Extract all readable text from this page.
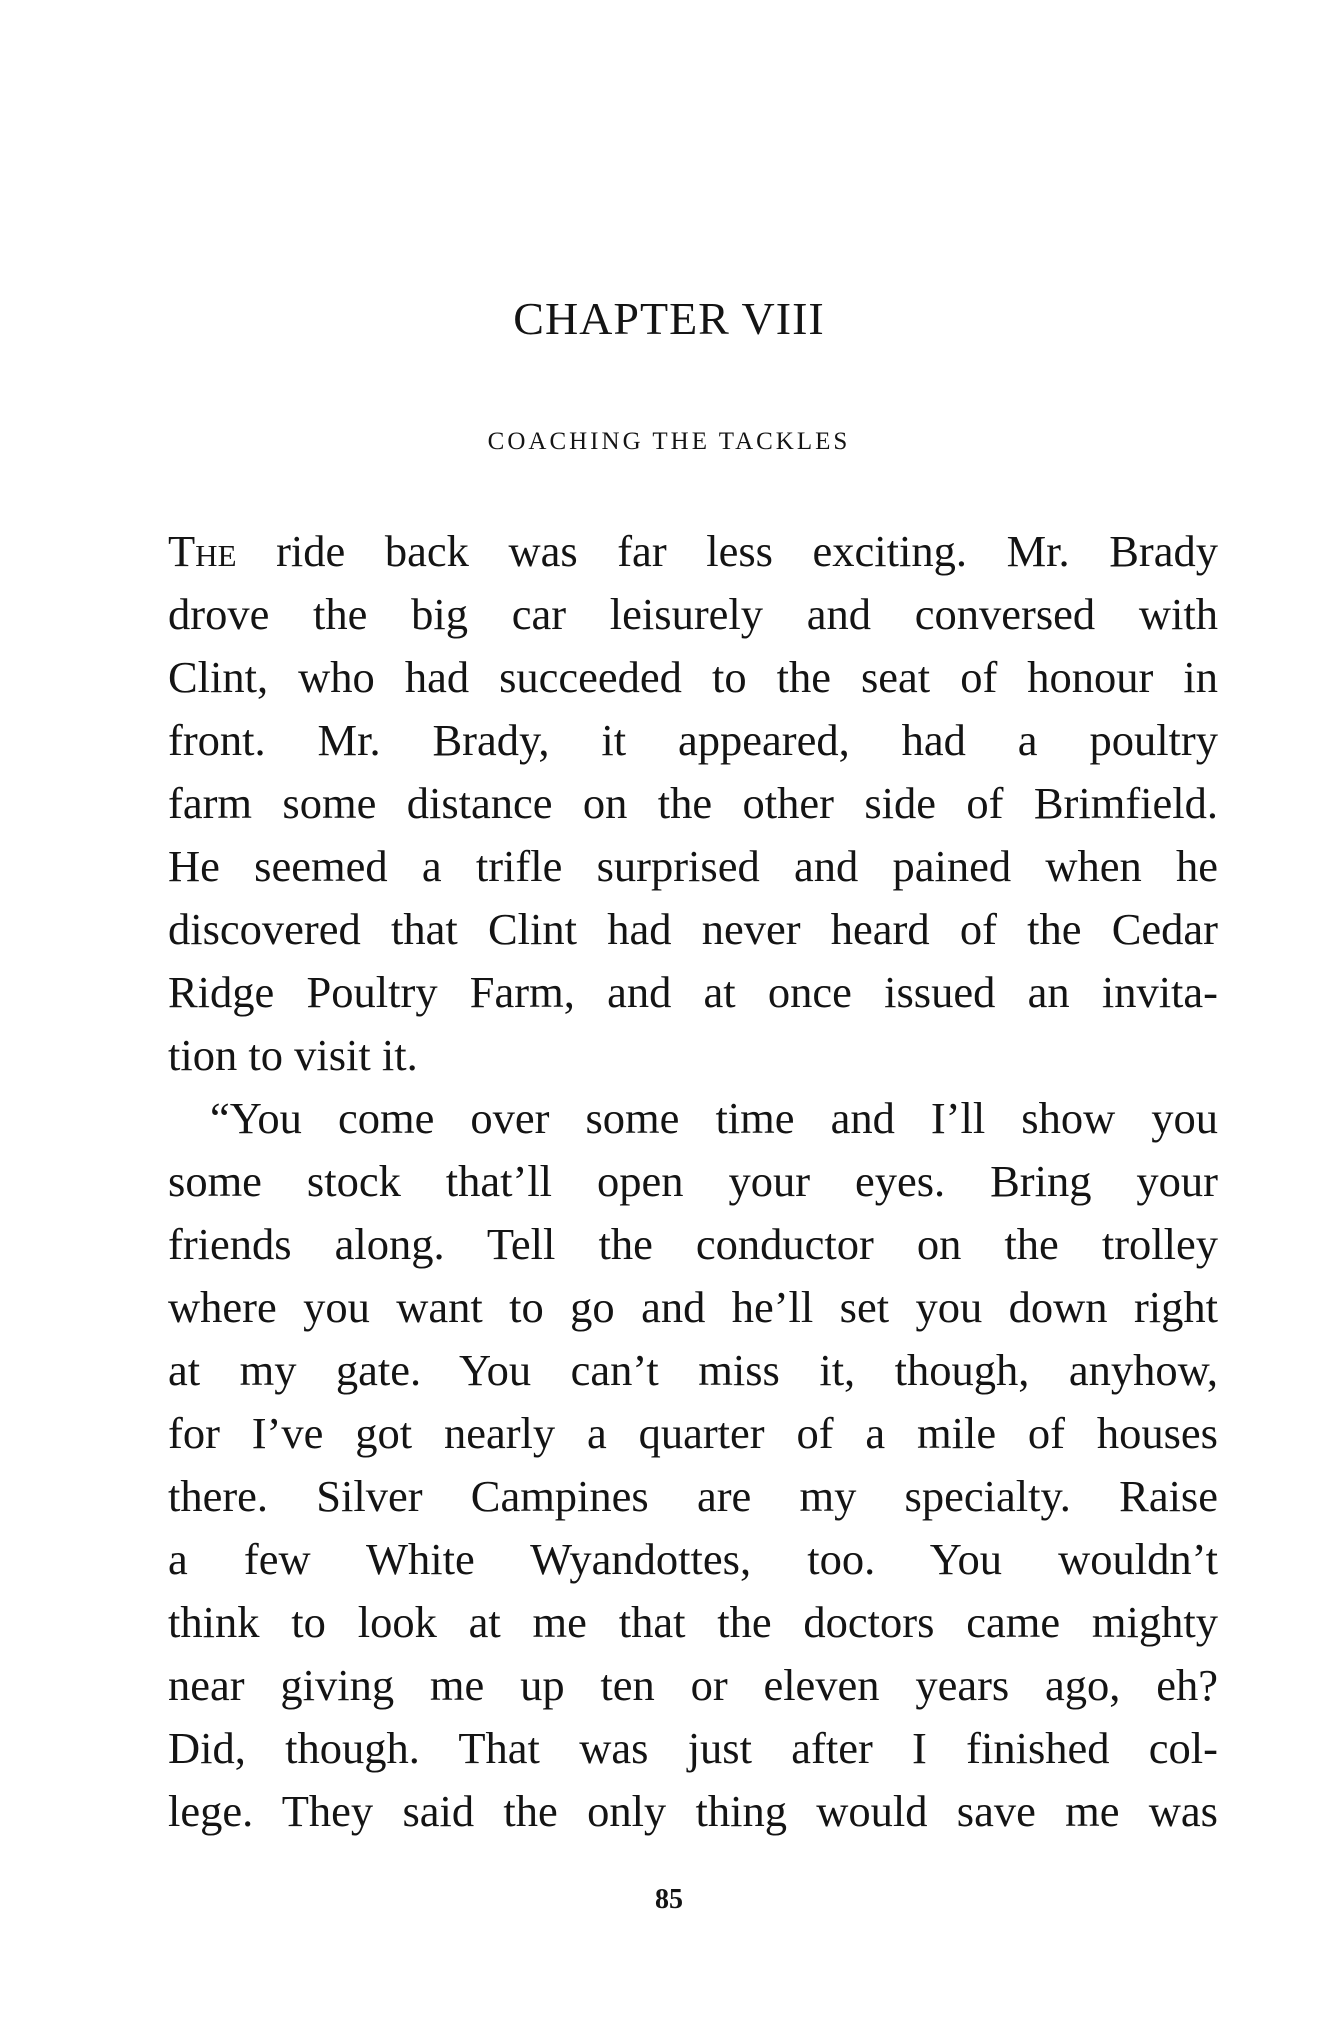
CHAPTER VIII
COACHING THE TACKLES
The ride back was far less exciting. Mr. Brady
drove the big car leisurely and conversed with
Clint, who had succeeded to the seat of honour in
front. Mr. Brady, it appeared, had a poultry
farm some distance on the other side of Brimfield.
He seemed a trifle surprised and pained when he
discovered that Clint had never heard of the Cedar
Ridge Poultry Farm, and at once issued an invita-
tion to visit it.
“You come over some time and I’ll show you
some stock that’ll open your eyes. Bring your
friends along. Tell the conductor on the trolley
where you want to go and he’ll set you down right
at my gate. You can’t miss it, though, anyhow,
for I’ve got nearly a quarter of a mile of houses
there. Silver Campines are my specialty. Raise
a few White Wyandottes, too. You wouldn’t
think to look at me that the doctors came mighty
near giving me up ten or eleven years ago, eh?
Did, though. That was just after I finished col-
lege. They said the only thing would save me was
85
